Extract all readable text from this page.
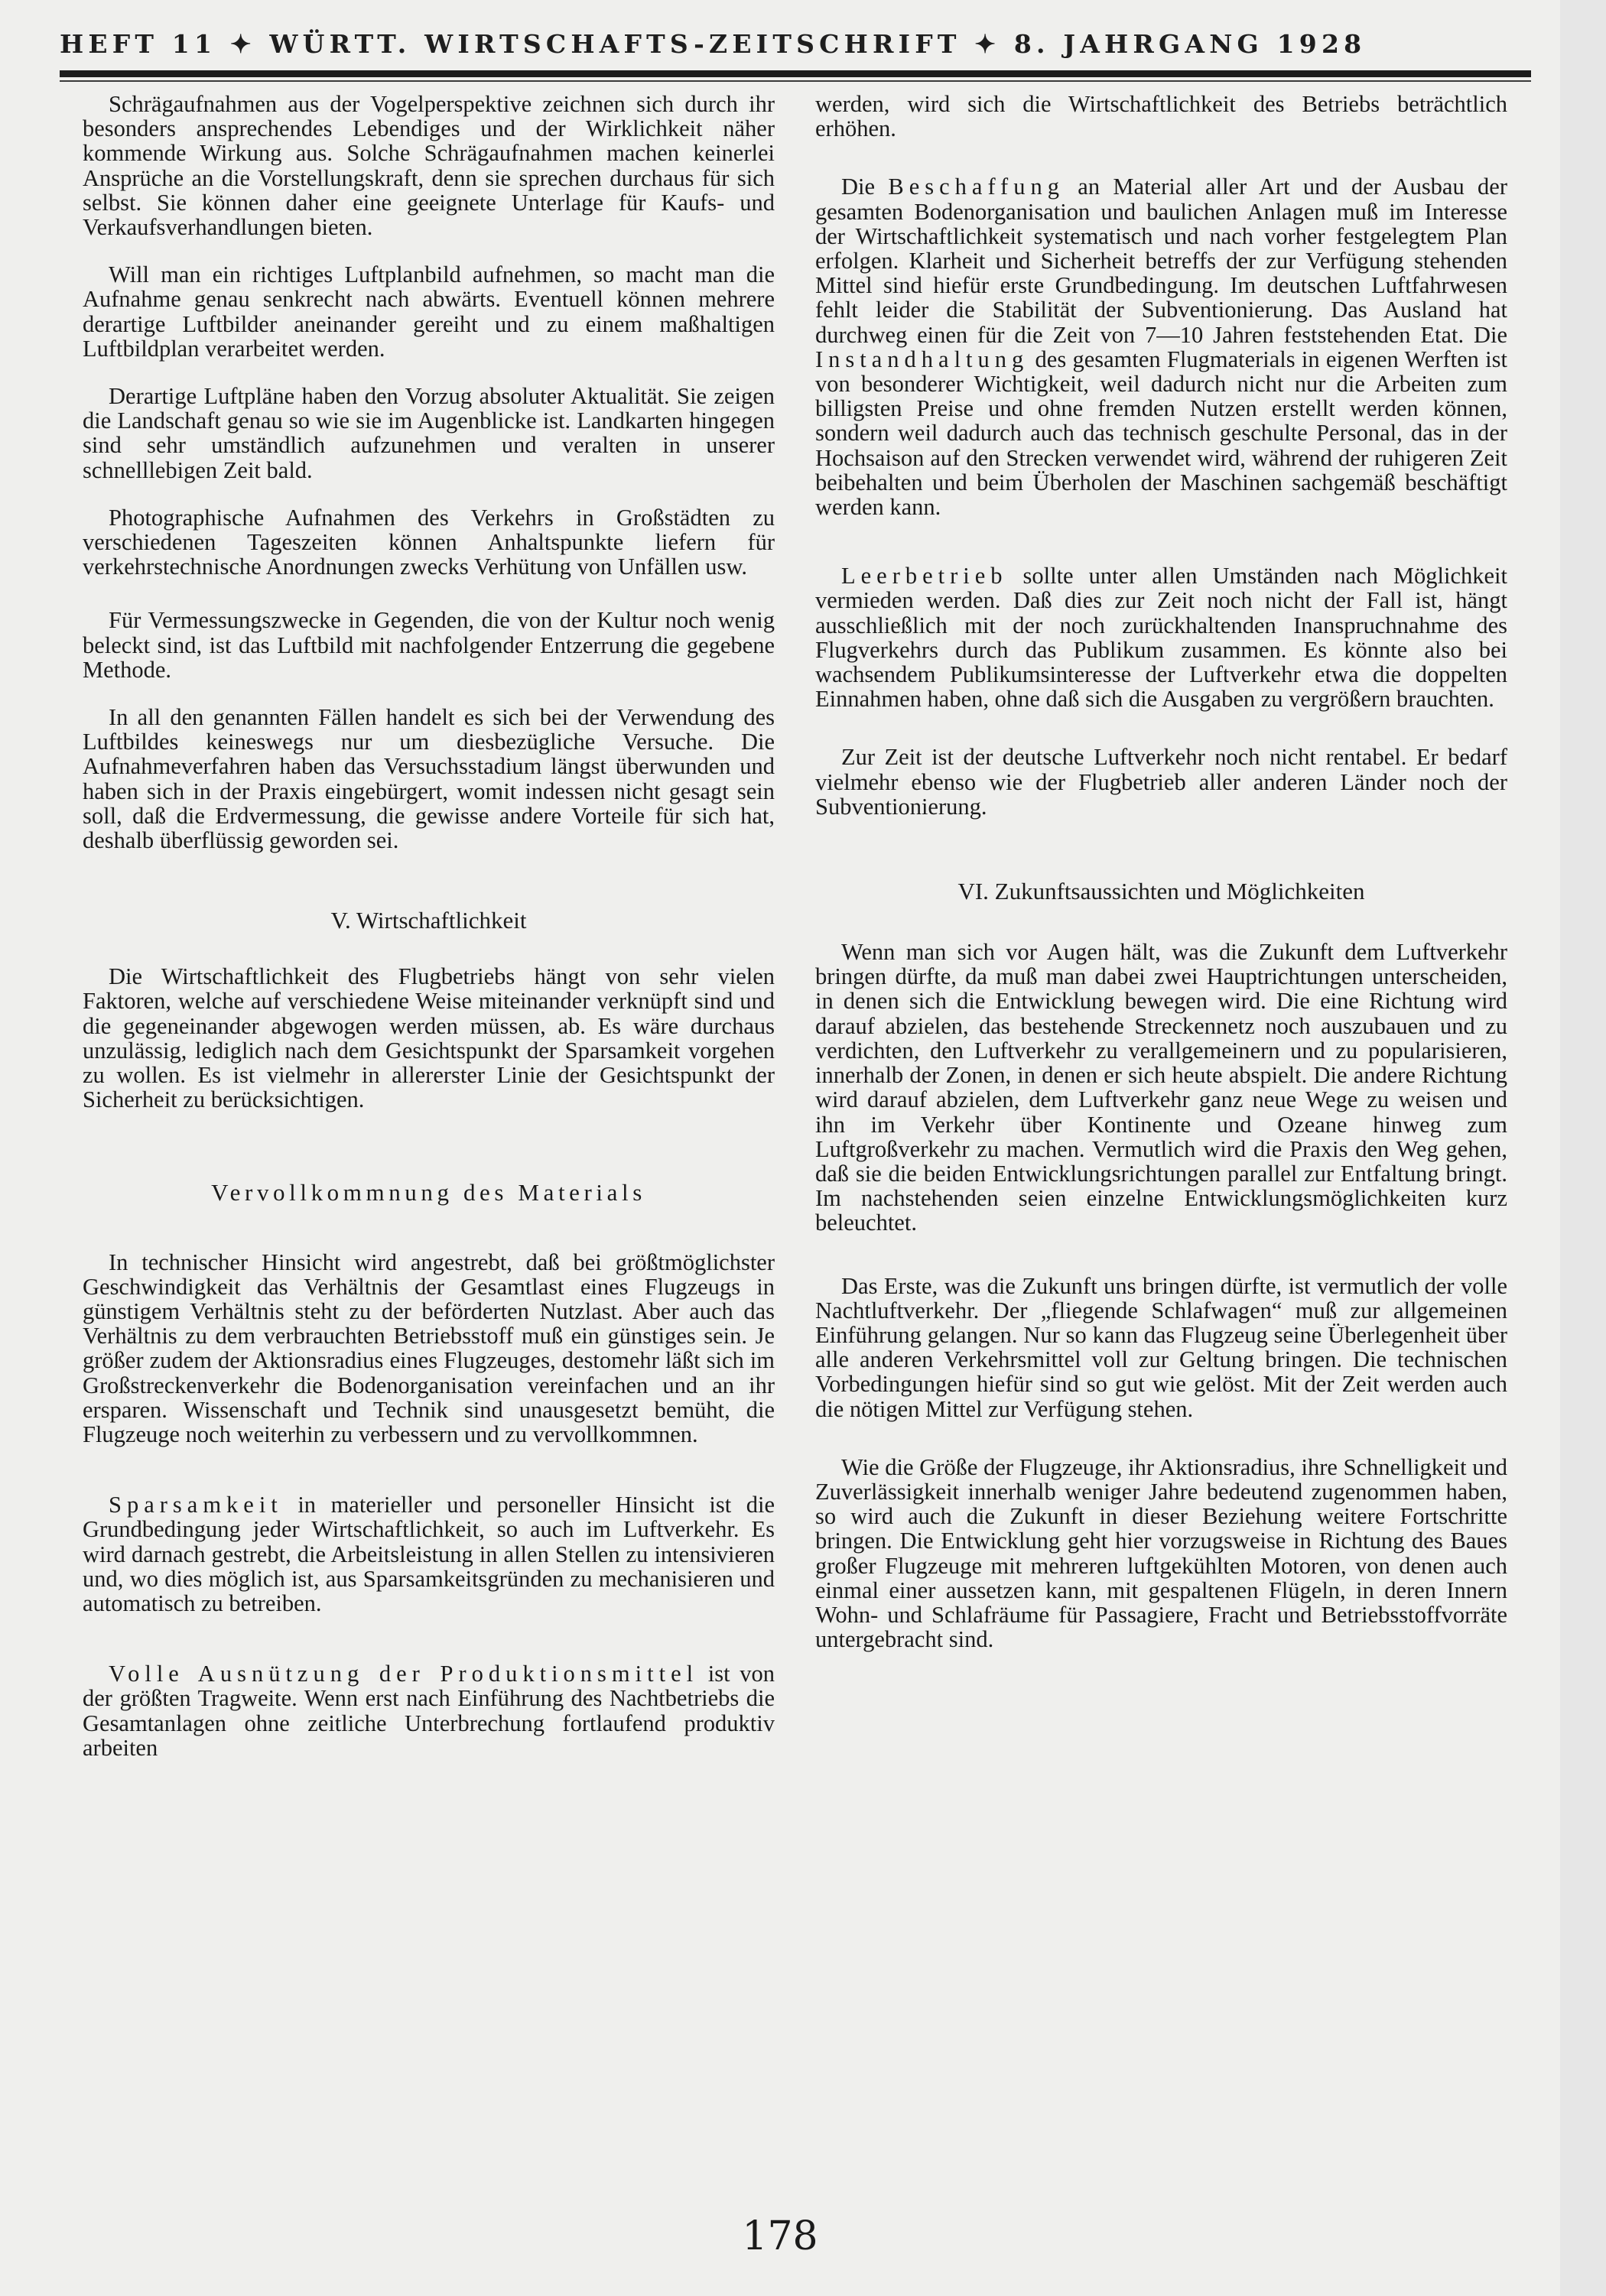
HEFT 11 ✦ WÜRTT. WIRTSCHAFTS-ZEITSCHRIFT ✦ 8. JAHRGANG 1928

Schrägaufnahmen aus der Vogelperspektive zeichnen sich durch ihr besonders ansprechendes Lebendiges und der Wirklichkeit näher kommende Wirkung aus. Solche Schrägaufnahmen machen keinerlei Ansprüche an die Vorstellungskraft, denn sie sprechen durchaus für sich selbst. Sie können daher eine geeignete Unterlage für Kaufs- und Verkaufsverhandlungen bieten.

Will man ein richtiges Luftplanbild aufnehmen, so macht man die Aufnahme genau senkrecht nach abwärts. Eventuell können mehrere derartige Luftbilder aneinander gereiht und zu einem maßhaltigen Luftbildplan verarbeitet werden.

Derartige Luftpläne haben den Vorzug absoluter Aktualität. Sie zeigen die Landschaft genau so wie sie im Augenblicke ist. Landkarten hingegen sind sehr umständlich aufzunehmen und veralten in unserer schnelllebigen Zeit bald.

Photographische Aufnahmen des Verkehrs in Großstädten zu verschiedenen Tageszeiten können Anhaltspunkte liefern für verkehrstechnische Anordnungen zwecks Verhütung von Unfällen usw.

Für Vermessungszwecke in Gegenden, die von der Kultur noch wenig beleckt sind, ist das Luftbild mit nachfolgender Entzerrung die gegebene Methode.

In all den genannten Fällen handelt es sich bei der Verwendung des Luftbildes keineswegs nur um diesbezügliche Versuche. Die Aufnahmeverfahren haben das Versuchsstadium längst überwunden und haben sich in der Praxis eingebürgert, womit indessen nicht gesagt sein soll, daß die Erdvermessung, die gewisse andere Vorteile für sich hat, deshalb überflüssig geworden sei.

V. Wirtschaftlichkeit

Die Wirtschaftlichkeit des Flugbetriebs hängt von sehr vielen Faktoren, welche auf verschiedene Weise miteinander verknüpft sind und die gegeneinander abgewogen werden müssen, ab. Es wäre durchaus unzulässig, lediglich nach dem Gesichtspunkt der Sparsamkeit vorgehen zu wollen. Es ist vielmehr in allererster Linie der Gesichtspunkt der Sicherheit zu berücksichtigen.

Vervollkommnung des Materials

In technischer Hinsicht wird angestrebt, daß bei größtmöglichster Geschwindigkeit das Verhältnis der Gesamtlast eines Flugzeugs in günstigem Verhältnis steht zu der beförderten Nutzlast. Aber auch das Verhältnis zu dem verbrauchten Betriebsstoff muß ein günstiges sein. Je größer zudem der Aktionsradius eines Flugzeuges, destomehr läßt sich im Großstreckenverkehr die Bodenorganisation vereinfachen und an ihr ersparen. Wissenschaft und Technik sind unausgesetzt bemüht, die Flugzeuge noch weiterhin zu verbessern und zu vervollkommnen.

Sparsamkeit in materieller und personeller Hinsicht ist die Grundbedingung jeder Wirtschaftlichkeit, so auch im Luftverkehr. Es wird darnach gestrebt, die Arbeitsleistung in allen Stellen zu intensivieren und, wo dies möglich ist, aus Sparsamkeitsgründen zu mechanisieren und automatisch zu betreiben.

Volle Ausnützung der Produktionsmittel ist von der größten Tragweite. Wenn erst nach Einführung des Nachtbetriebs die Gesamtanlagen ohne zeitliche Unterbrechung fortlaufend produktiv arbeiten

werden, wird sich die Wirtschaftlichkeit des Betriebs beträchtlich erhöhen.

Die Beschaffung an Material aller Art und der Ausbau der gesamten Bodenorganisation und baulichen Anlagen muß im Interesse der Wirtschaftlichkeit systematisch und nach vorher festgelegtem Plan erfolgen. Klarheit und Sicherheit betreffs der zur Verfügung stehenden Mittel sind hiefür erste Grundbedingung. Im deutschen Luftfahrwesen fehlt leider die Stabilität der Subventionierung. Das Ausland hat durchweg einen für die Zeit von 7—10 Jahren feststehenden Etat. Die Instandhaltung des gesamten Flugmaterials in eigenen Werften ist von besonderer Wichtigkeit, weil dadurch nicht nur die Arbeiten zum billigsten Preise und ohne fremden Nutzen erstellt werden können, sondern weil dadurch auch das technisch geschulte Personal, das in der Hochsaison auf den Strecken verwendet wird, während der ruhigeren Zeit beibehalten und beim Überholen der Maschinen sachgemäß beschäftigt werden kann.

Leerbetrieb sollte unter allen Umständen nach Möglichkeit vermieden werden. Daß dies zur Zeit noch nicht der Fall ist, hängt ausschließlich mit der noch zurückhaltenden Inanspruchnahme des Flugverkehrs durch das Publikum zusammen. Es könnte also bei wachsendem Publikumsinteresse der Luftverkehr etwa die doppelten Einnahmen haben, ohne daß sich die Ausgaben zu vergrößern brauchten.

Zur Zeit ist der deutsche Luftverkehr noch nicht rentabel. Er bedarf vielmehr ebenso wie der Flugbetrieb aller anderen Länder noch der Subventionierung.

VI. Zukunftsaussichten und Möglichkeiten

Wenn man sich vor Augen hält, was die Zukunft dem Luftverkehr bringen dürfte, da muß man dabei zwei Hauptrichtungen unterscheiden, in denen sich die Entwicklung bewegen wird. Die eine Richtung wird darauf abzielen, das bestehende Streckennetz noch auszubauen und zu verdichten, den Luftverkehr zu verallgemeinern und zu popularisieren, innerhalb der Zonen, in denen er sich heute abspielt. Die andere Richtung wird darauf abzielen, dem Luftverkehr ganz neue Wege zu weisen und ihn im Verkehr über Kontinente und Ozeane hinweg zum Luftgroßverkehr zu machen. Vermutlich wird die Praxis den Weg gehen, daß sie die beiden Entwicklungsrichtungen parallel zur Entfaltung bringt. Im nachstehenden seien einzelne Entwicklungsmöglichkeiten kurz beleuchtet.

Das Erste, was die Zukunft uns bringen dürfte, ist vermutlich der volle Nachtluftverkehr. Der „fliegende Schlafwagen“ muß zur allgemeinen Einführung gelangen. Nur so kann das Flugzeug seine Überlegenheit über alle anderen Verkehrsmittel voll zur Geltung bringen. Die technischen Vorbedingungen hiefür sind so gut wie gelöst. Mit der Zeit werden auch die nötigen Mittel zur Verfügung stehen.

Wie die Größe der Flugzeuge, ihr Aktionsradius, ihre Schnelligkeit und Zuverlässigkeit innerhalb weniger Jahre bedeutend zugenommen haben, so wird auch die Zukunft in dieser Beziehung weitere Fortschritte bringen. Die Entwicklung geht hier vorzugsweise in Richtung des Baues großer Flugzeuge mit mehreren luftgekühlten Motoren, von denen auch einmal einer aussetzen kann, mit gespaltenen Flügeln, in deren Innern Wohn- und Schlafräume für Passagiere, Fracht und Betriebsstoffvorräte untergebracht sind.

178
